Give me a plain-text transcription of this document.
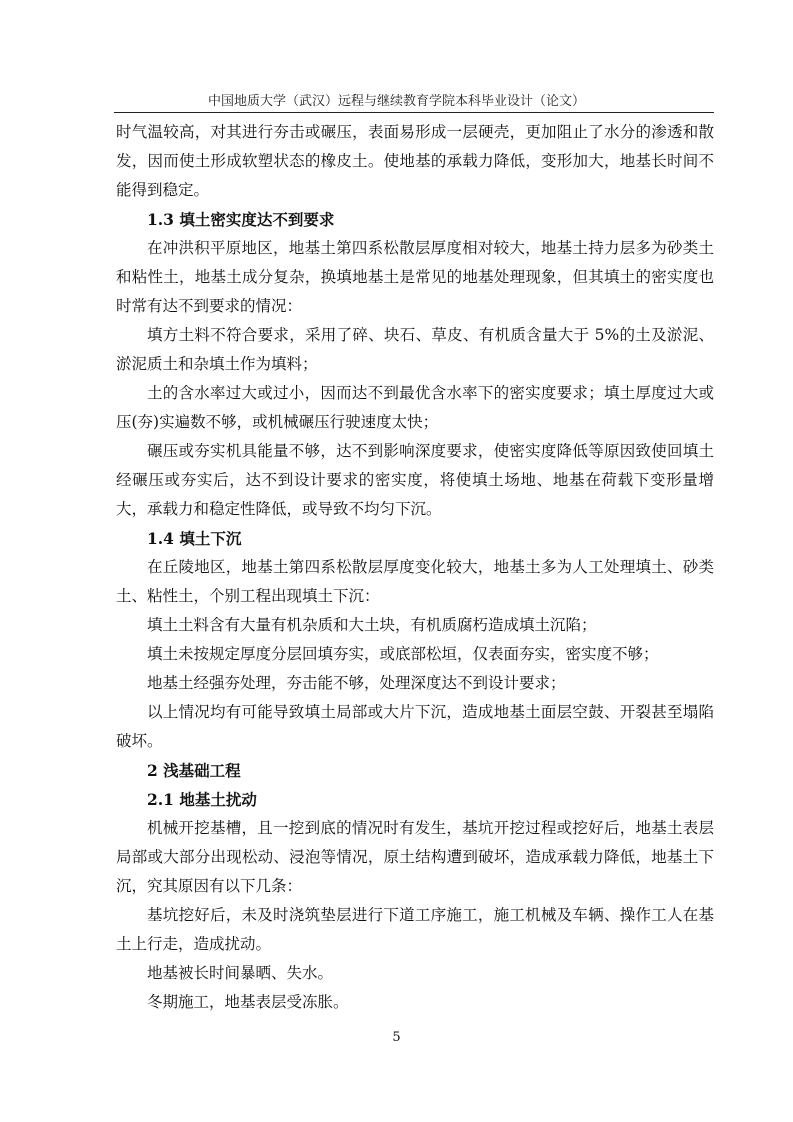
中国地质大学（武汉）远程与继续教育学院本科毕业设计（论文）

时气温较高，对其进行夯击或碾压，表面易形成一层硬壳，更加阻止了水分的渗透和散发，因而使土形成软塑状态的橡皮土。使地基的承载力降低，变形加大，地基长时间不能得到稳定。

1.3 填土密实度达不到要求

在冲洪积平原地区，地基土第四系松散层厚度相对较大，地基土持力层多为砂类土和粘性土，地基土成分复杂，换填地基土是常见的地基处理现象，但其填土的密实度也时常有达不到要求的情况：

填方土料不符合要求，采用了碎、块石、草皮、有机质含量大于 5%的土及淤泥、淤泥质土和杂填土作为填料；

土的含水率过大或过小，因而达不到最优含水率下的密实度要求；填土厚度过大或压(夯)实遍数不够，或机械碾压行驶速度太快；

碾压或夯实机具能量不够，达不到影响深度要求，使密实度降低等原因致使回填土经碾压或夯实后，达不到设计要求的密实度，将使填土场地、地基在荷载下变形量增大，承载力和稳定性降低，或导致不均匀下沉。

1.4 填土下沉

在丘陵地区，地基土第四系松散层厚度变化较大，地基土多为人工处理填土、砂类土、粘性土，个别工程出现填土下沉：

填土土料含有大量有机杂质和大土块，有机质腐朽造成填土沉陷；

填土未按规定厚度分层回填夯实，或底部松垣，仅表面夯实，密实度不够；

地基土经强夯处理，夯击能不够，处理深度达不到设计要求；

以上情况均有可能导致填土局部或大片下沉，造成地基土面层空鼓、开裂甚至塌陷破坏。

2 浅基础工程

2.1 地基土扰动

机械开挖基槽，且一挖到底的情况时有发生，基坑开挖过程或挖好后，地基土表层局部或大部分出现松动、浸泡等情况，原土结构遭到破坏，造成承载力降低，地基土下沉，究其原因有以下几条：

基坑挖好后，未及时浇筑垫层进行下道工序施工，施工机械及车辆、操作工人在基土上行走，造成扰动。

地基被长时间暴晒、失水。

冬期施工，地基表层受冻胀。

5
